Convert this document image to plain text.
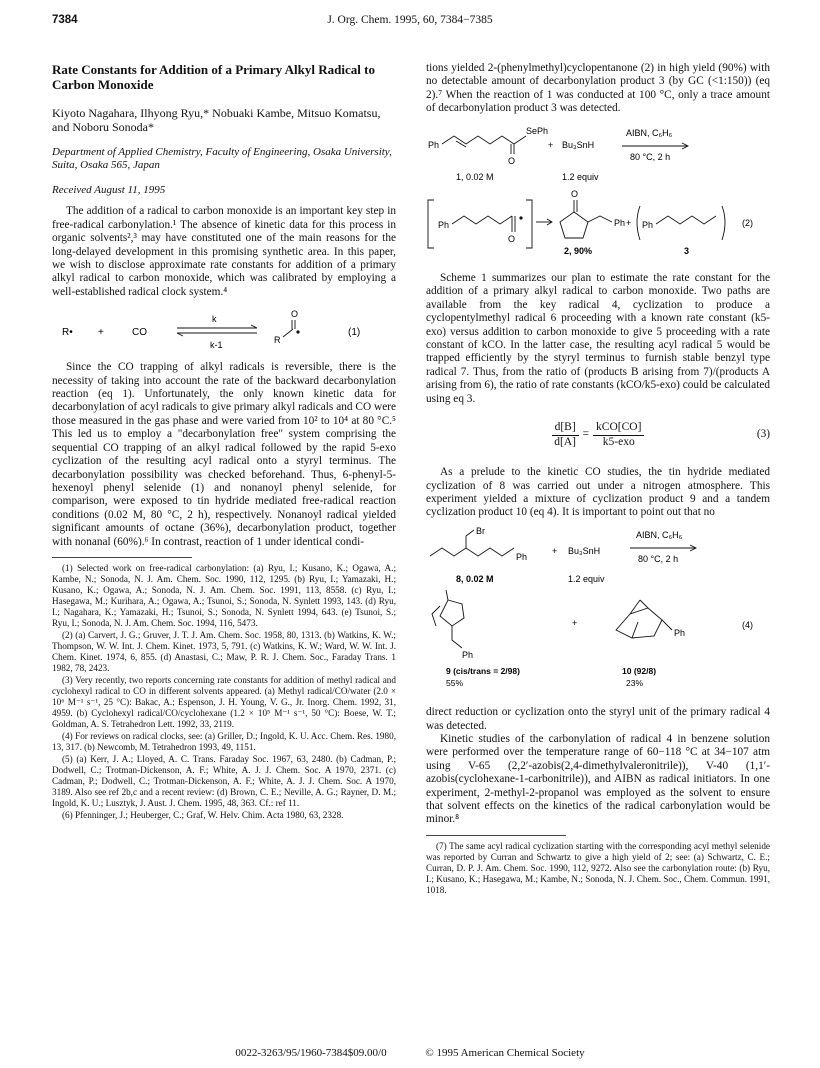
7384	J. Org. Chem. 1995, 60, 7384−7385
Rate Constants for Addition of a Primary Alkyl Radical to Carbon Monoxide
Kiyoto Nagahara, Ilhyong Ryu,* Nobuaki Kambe, Mitsuo Komatsu, and Noboru Sonoda*
Department of Applied Chemistry, Faculty of Engineering, Osaka University, Suita, Osaka 565, Japan
Received August 11, 1995

The addition of a radical to carbon monoxide is an important key step in free-radical carbonylation.¹ The absence of kinetic data for this process in organic solvents²,³ may have constituted one of the main reasons for the long-delayed development in this promising synthetic area. In this paper, we wish to disclose approximate rate constants for addition of a primary alkyl radical to carbon monoxide, which was calibrated by employing a well-established radical clock system.⁴

R•	+	CO
k
k-1
O
R
(1)

Since the CO trapping of alkyl radicals is reversible, there is the necessity of taking into account the rate of the backward decarbonylation reaction (eq 1). Unfortunately, the only known kinetic data for decarbonylation of acyl radicals to give primary alkyl radicals and CO were those measured in the gas phase and were varied from 10² to 10⁴ at 80 °C.⁵ This led us to employ a "decarbonylation free" system comprising the sequential CO trapping of an alkyl radical followed by the rapid 5-exo cyclization of the resulting acyl radical onto a styryl terminus. The decarbonylation possibility was checked beforehand. Thus, 6-phenyl-5-hexenoyl phenyl selenide (1) and nonanoyl phenyl selenide, for comparison, were exposed to tin hydride mediated free-radical reaction conditions (0.02 M, 80 °C, 2 h), respectively. Nonanoyl radical yielded significant amounts of octane (36%), decarbonylation product, together with nonanal (60%).⁶ In contrast, reaction of 1 under identical condi-

(1) Selected work on free-radical carbonylation: (a) Ryu, I.; Kusano, K.; Ogawa, A.; Kambe, N.; Sonoda, N. J. Am. Chem. Soc. 1990, 112, 1295. (b) Ryu, I.; Yamazaki, H.; Kusano, K.; Ogawa, A.; Sonoda, N. J. Am. Chem. Soc. 1991, 113, 8558. (c) Ryu, I.; Hasegawa, M.; Kurihara, A.; Ogawa, A.; Tsunoi, S.; Sonoda, N. Synlett 1993, 143. (d) Ryu, I.; Nagahara, K.; Yamazaki, H.; Tsunoi, S.; Sonoda, N. Synlett 1994, 643. (e) Tsunoi, S.; Ryu, I.; Sonoda, N. J. Am. Chem. Soc. 1994, 116, 5473.

(2) (a) Carvert, J. G.; Gruver, J. T. J. Am. Chem. Soc. 1958, 80, 1313. (b) Watkins, K. W.; Thompson, W. W. Int. J. Chem. Kinet. 1973, 5, 791. (c) Watkins, K. W.; Ward, W. W. Int. J. Chem. Kinet. 1974, 6, 855. (d) Anastasi, C.; Maw, P. R. J. Chem. Soc., Faraday Trans. 1 1982, 78, 2423.

(3) Very recently, two reports concerning rate constants for addition of methyl radical and cyclohexyl radical to CO in different solvents appeared. (a) Methyl radical/CO/water (2.0 × 10⁶ M⁻¹ s⁻¹, 25 °C): Bakac, A.; Espenson, J. H. Young, V. G., Jr. Inorg. Chem. 1992, 31, 4959. (b) Cyclohexyl radical/CO/cyclohexane (1.2 × 10⁵ M⁻¹ s⁻¹, 50 °C): Boese, W. T.; Goldman, A. S. Tetrahedron Lett. 1992, 33, 2119.

(4) For reviews on radical clocks, see: (a) Griller, D.; Ingold, K. U. Acc. Chem. Res. 1980, 13, 317. (b) Newcomb, M. Tetrahedron 1993, 49, 1151.

(5) (a) Kerr, J. A.; Lloyed, A. C. Trans. Faraday Soc. 1967, 63, 2480. (b) Cadman, P.; Dodwell, C.; Trotman-Dickenson, A. F.; White, A. J. J. Chem. Soc. A 1970, 2371. (c) Cadman, P.; Dodwell, C.; Trotman-Dickenson, A. F.; White, A. J. J. Chem. Soc. A 1970, 3189. Also see ref 2b,c and a recent review: (d) Brown, C. E.; Neville, A. G.; Rayner, D. M.; Ingold, K. U.; Lusztyk, J. Aust. J. Chem. 1995, 48, 363. Cf.: ref 11.

(6) Pfenninger, J.; Heuberger, C.; Graf, W. Helv. Chim. Acta 1980, 63, 2328.

tions yielded 2-(phenylmethyl)cyclopentanone (2) in high yield (90%) with no detectable amount of decarbonylation product 3 (by GC (<1:150)) (eq 2).⁷ When the reaction of 1 was conducted at 100 °C, only a trace amount of decarbonylation product 3 was detected.

Ph
O
SePh
1, 0.02 M
+ Bu₃SnH
1.2 equiv
AIBN, C₆H₆
80 °C, 2 h
Ph
O
O
Ph + Ph	(2)
2, 90%	3

Scheme 1 summarizes our plan to estimate the rate constant for the addition of a primary alkyl radical to carbon monoxide. Two paths are available from the key radical 4, cyclization to produce a cyclopentylmethyl radical 6 proceeding with a known rate constant (k5-exo) versus addition to carbon monoxide to give 5 proceeding with a rate constant of kCO. In the latter case, the resulting acyl radical 5 would be trapped efficiently by the styryl terminus to furnish stable benzyl type radical 7. Thus, from the ratio of (products B arising from 7)/(products A arising from 6), the ratio of rate constants (kCO/k5-exo) could be calculated using eq 3.

$\frac{d[B]}{d[A]} = \frac{\text{kCO[CO]}}{\text{k5-exo}}$	(3)

As a prelude to the kinetic CO studies, the tin hydride mediated cyclization of 8 was carried out under a nitrogen atmosphere. This experiment yielded a mixture of cyclization product 9 and a tandem cyclization product 10 (eq 4). It is important to point out that no

Br
Ph
8, 0.02 M
+ Bu₃SnH
1.2 equiv
AIBN, C₆H₆
80 °C, 2 h
Ph
+
Ph
(4)
9 (cis/trans = 2/98)
55%
10 (92/8)
23%

direct reduction or cyclization onto the styryl unit of the primary radical 4 was detected.

Kinetic studies of the carbonylation of radical 4 in benzene solution were performed over the temperature range of 60−118 °C at 34−107 atm using V-65 (2,2′-azobis(2,4-dimethylvaleronitrile)), V-40 (1,1′-azobis(cyclohexane-1-carbonitrile)), and AIBN as radical initiators. In one experiment, 2-methyl-2-propanol was employed as the solvent to ensure that solvent effects on the kinetics of the radical carbonylation would be minor.⁸

(7) The same acyl radical cyclization starting with the corresponding acyl methyl selenide was reported by Curran and Schwartz to give a high yield of 2; see: (a) Schwartz, C. E.; Curran, D. P. J. Am. Chem. Soc. 1990, 112, 9272. Also see the carbonylation route: (b) Ryu, I.; Kusano, K.; Hasegawa, M.; Kambe, N.; Sonoda, N. J. Chem. Soc., Chem. Commun. 1991, 1018.

0022-3263/95/1960-7384$09.00/0	© 1995 American Chemical Society
